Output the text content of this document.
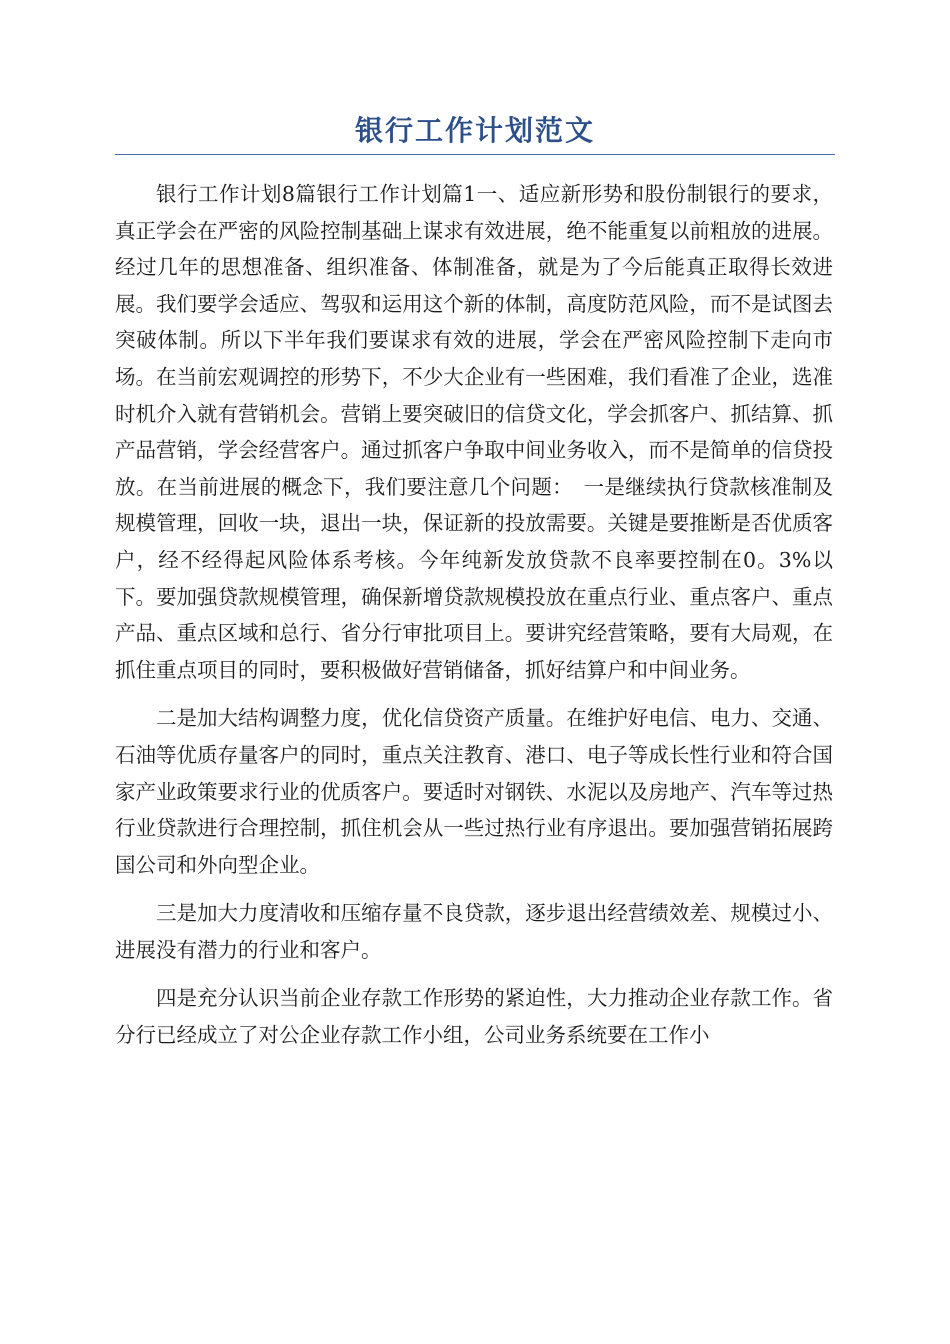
银行工作计划范文

银行工作计划8篇银行工作计划篇1一、适应新形势和股份制银行的要求，真正学会在严密的风险控制基础上谋求有效进展，绝不能重复以前粗放的进展。经过几年的思想准备、组织准备、体制准备，就是为了今后能真正取得长效进展。我们要学会适应、驾驭和运用这个新的体制，高度防范风险，而不是试图去突破体制。所以下半年我们要谋求有效的进展，学会在严密风险控制下走向市场。在当前宏观调控的形势下，不少大企业有一些困难，我们看准了企业，选准时机介入就有营销机会。营销上要突破旧的信贷文化，学会抓客户、抓结算、抓产品营销，学会经营客户。通过抓客户争取中间业务收入，而不是简单的信贷投放。在当前进展的概念下，我们要注意几个问题：　一是继续执行贷款核准制及规模管理，回收一块，退出一块，保证新的投放需要。关键是要推断是否优质客户，经不经得起风险体系考核。今年纯新发放贷款不良率要控制在0。3%以下。要加强贷款规模管理，确保新增贷款规模投放在重点行业、重点客户、重点产品、重点区域和总行、省分行审批项目上。要讲究经营策略，要有大局观，在抓住重点项目的同时，要积极做好营销储备，抓好结算户和中间业务。

二是加大结构调整力度，优化信贷资产质量。在维护好电信、电力、交通、石油等优质存量客户的同时，重点关注教育、港口、电子等成长性行业和符合国家产业政策要求行业的优质客户。要适时对钢铁、水泥以及房地产、汽车等过热行业贷款进行合理控制，抓住机会从一些过热行业有序退出。要加强营销拓展跨国公司和外向型企业。

三是加大力度清收和压缩存量不良贷款，逐步退出经营绩效差、规模过小、进展没有潜力的行业和客户。

四是充分认识当前企业存款工作形势的紧迫性，大力推动企业存款工作。省分行已经成立了对公企业存款工作小组，公司业务系统要在工作小
